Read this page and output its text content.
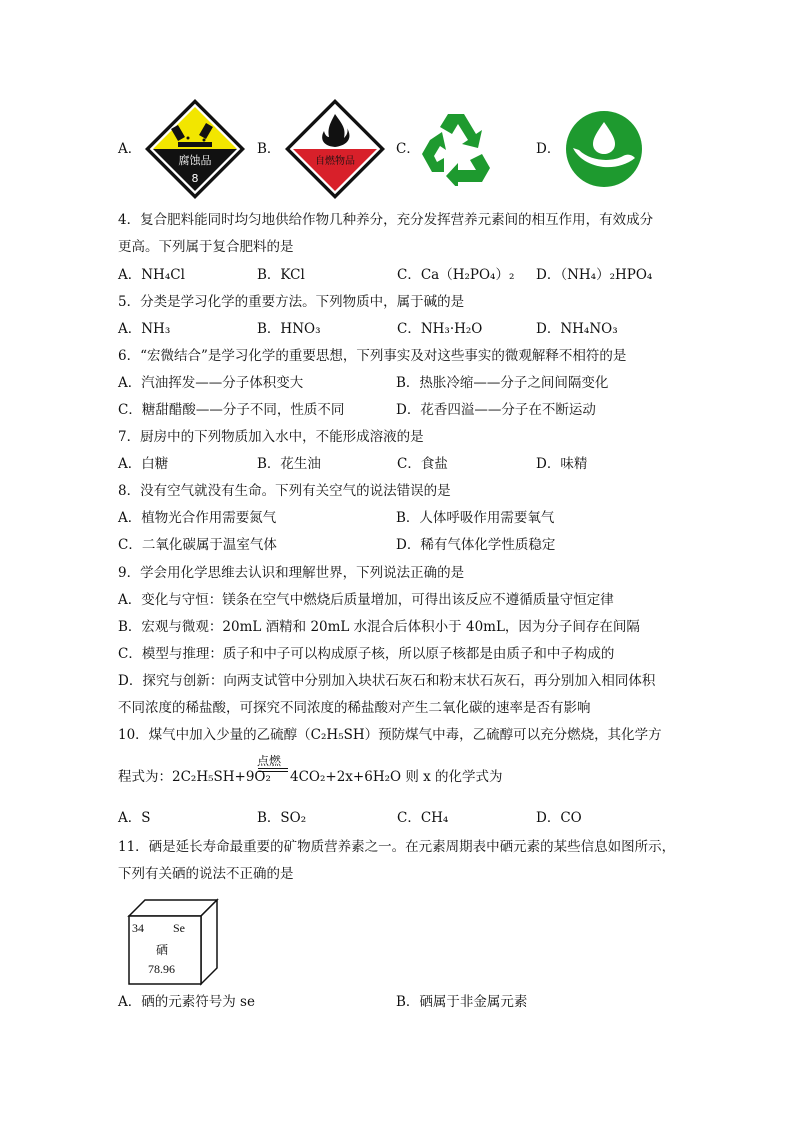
A．
腐蚀品
8
B．
自燃物品
C．	D．
4．复合肥料能同时均匀地供给作物几种养分，充分发挥营养元素间的相互作用，有效成分
更高。下列属于复合肥料的是
A．NH₄Cl	B．KCl	C．Ca（H₂PO₄）₂ D．（NH₄）₂HPO₄
5．分类是学习化学的重要方法。下列物质中，属于碱的是
A．NH₃	B．HNO₃	C．NH₃·H₂O	D．NH₄NO₃
6．“宏微结合”是学习化学的重要思想，下列事实及对这些事实的微观解释不相符的是
A．汽油挥发——分子体积变大	B．热胀冷缩——分子之间间隔变化
C．糖甜醋酸——分子不同，性质不同	D．花香四溢——分子在不断运动
7．厨房中的下列物质加入水中，不能形成溶液的是
A．白糖	B．花生油	C．食盐	D．味精
8．没有空气就没有生命。下列有关空气的说法错误的是
A．植物光合作用需要氮气	B．人体呼吸作用需要氧气
C．二氧化碳属于温室气体	D．稀有气体化学性质稳定
9．学会用化学思维去认识和理解世界，下列说法正确的是
A．变化与守恒：镁条在空气中燃烧后质量增加，可得出该反应不遵循质量守恒定律
B．宏观与微观：20mL 酒精和 20mL 水混合后体积小于 40mL，因为分子间存在间隔
C．模型与推理：质子和中子可以构成原子核，所以原子核都是由质子和中子构成的
D．探究与创新：向两支试管中分别加入块状石灰石和粉末状石灰石，再分别加入相同体积
不同浓度的稀盐酸，可探究不同浓度的稀盐酸对产生二氧化碳的速率是否有影响
10．煤气中加入少量的乙硫醇（C₂H₅SH）预防煤气中毒，乙硫醇可以充分燃烧，其化学方
程式为：2C₂H₅SH+9O₂
点燃
4CO₂+2x+6H₂O 则 x 的化学式为
A．S	B．SO₂	C．CH₄	D．CO
11．硒是延长寿命最重要的矿物质营养素之一。在元素周期表中硒元素的某些信息如图所示，
下列有关硒的说法不正确的是
34 Se
硒
78.96
A．硒的元素符号为 se	B．硒属于非金属元素
